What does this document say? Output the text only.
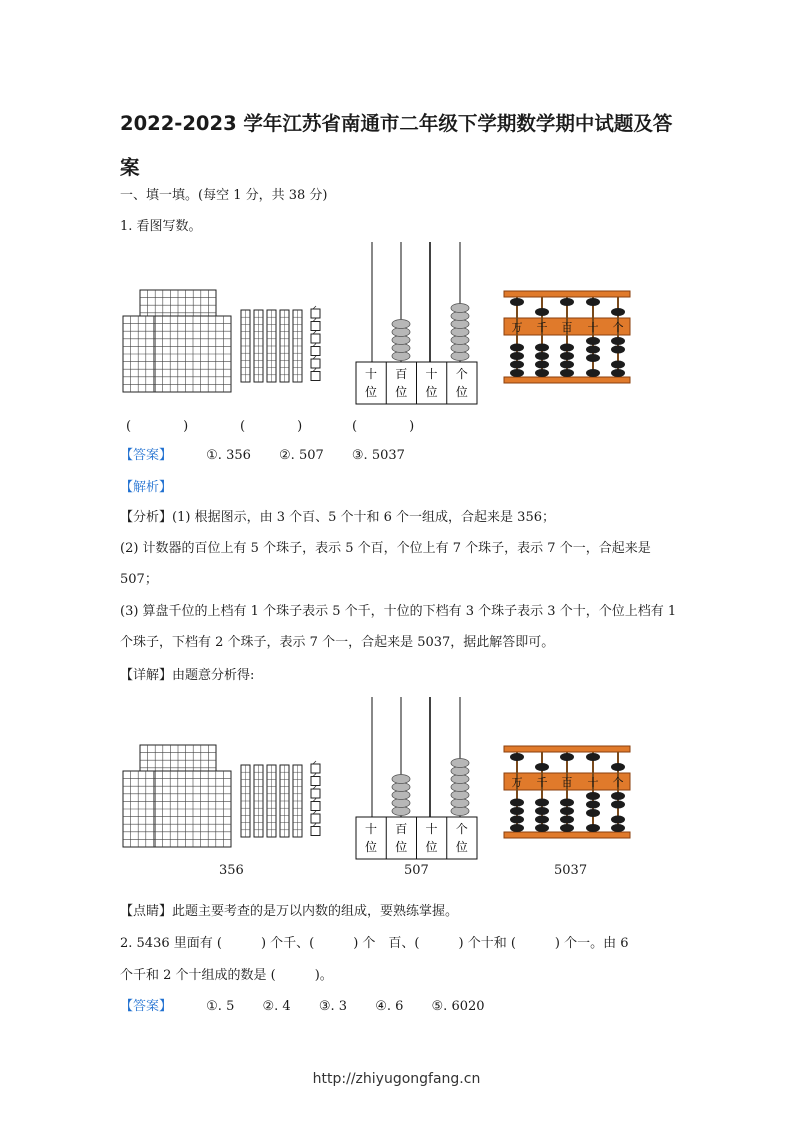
2022-2023 学年江苏省南通市二年级下学期数学期中试题及答案
一、填一填。(每空 1 分，共 38 分)
1. 看图写数。
十
位
百
位
十
位
个
位
万 千 百 十 个
(　　　　)	(　　　　)	(　　　　)
【答案】	①. 356 ②. 507 ③. 5037
【解析】
【分析】(1) 根据图示，由 3 个百、5 个十和 6 个一组成，合起来是 356；
(2) 计数器的百位上有 5 个珠子，表示 5 个百，个位上有 7 个珠子，表示 7 个一，合起来是 507；
(3) 算盘千位的上档有 1 个珠子表示 5 个千，十位的下档有 3 个珠子表示 3 个十，个位上档有 1 个珠子，下档有 2 个珠子，表示 7 个一，合起来是 5037，据此解答即可。
【详解】由题意分析得:
十
位
百
位
十
位
个
位
万 千 百 十 个
356	507	5037
【点睛】此题主要考查的是万以内数的组成，要熟练掌握。
2. 5436 里面有 (　　　) 个千、(　　　) 个　百、(　　　) 个十和 (　　　) 个一。由 6
个千和 2 个十组成的数是 (　　　)。
【答案】	①. 5 ②. 4 ③. 3 ④. 6 ⑤. 6020
http://zhiyugongfang.cn
